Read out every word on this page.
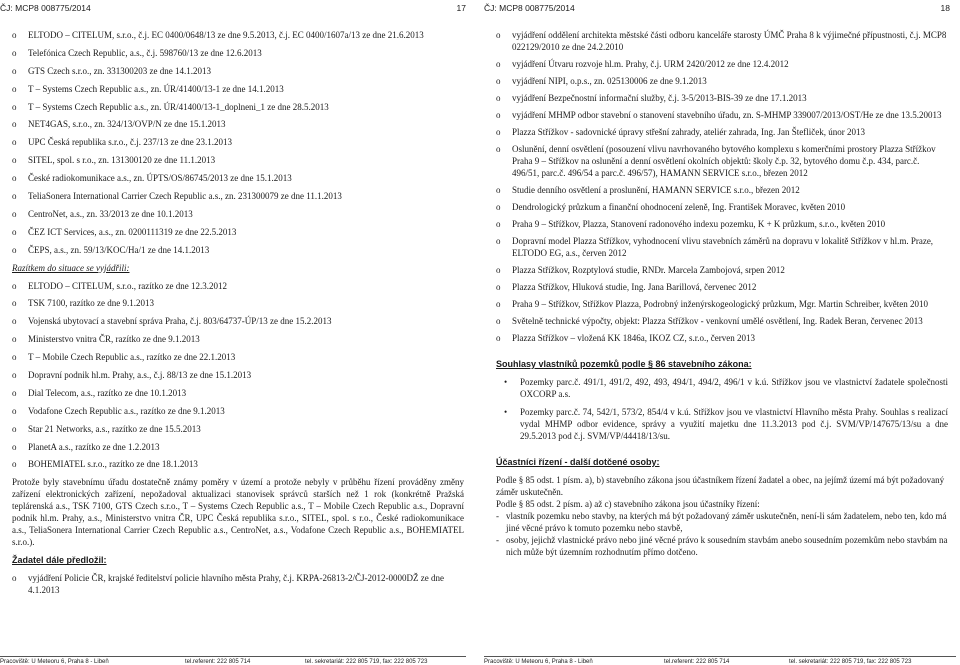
ČJ: MCP8 008775/2014	17
o ELTODO – CITELUM, s.r.o., č.j. EC 0400/0648/13 ze dne 9.5.2013, č.j. EC 0400/1607a/13 ze dne 21.6.2013
o Telefónica Czech Republic, a.s., č.j. 598760/13 ze dne 12.6.2013
o GTS Czech s.r.o., zn. 331300203 ze dne 14.1.2013
o T – Systems Czech Republic a.s., zn. ÚR/41400/13-1 ze dne 14.1.2013
o T – Systems Czech Republic a.s., zn. ÚR/41400/13-1_doplneni_1 ze dne 28.5.2013
o NET4GAS, s.r.o., zn. 324/13/OVP/N ze dne 15.1.2013
o UPC Česká republika s.r.o., č.j. 237/13 ze dne 23.1.2013
o SITEL, spol. s r.o., zn. 131300120 ze dne 11.1.2013
o České radiokomunikace a.s., zn. ÚPTS/OS/86745/2013 ze dne 15.1.2013
o TeliaSonera International Carrier Czech Republic a.s., zn. 231300079 ze dne 11.1.2013
o CentroNet, a.s., zn. 33/2013 ze dne 10.1.2013
o ČEZ ICT Services, a.s., zn. 0200111319 ze dne 22.5.2013
o ČEPS, a.s., zn. 59/13/KOC/Ha/1 ze dne 14.1.2013
Razítkem do situace se vyjádřili:
o ELTODO – CITELUM, s.r.o., razítko ze dne 12.3.2012
o TSK 7100, razítko ze dne 9.1.2013
o Vojenská ubytovací a stavební správa Praha, č.j. 803/64737-ÚP/13 ze dne 15.2.2013
o Ministerstvo vnitra ČR, razítko ze dne 9.1.2013
o T – Mobile Czech Republic a.s., razítko ze dne 22.1.2013
o Dopravní podnik hl.m. Prahy, a.s., č.j. 88/13 ze dne 15.1.2013
o Dial Telecom, a.s., razítko ze dne 10.1.2013
o Vodafone Czech Republic a.s., razítko ze dne 9.1.2013
o Star 21 Networks, a.s., razítko ze dne 15.5.2013
o PlanetA a.s., razítko ze dne 1.2.2013
o BOHEMIATEL s.r.o., razítko ze dne 18.1.2013

Protože byly stavebnímu úřadu dostatečně známy poměry v území a protože nebyly v průběhu řízení prováděny změny zařízení elektronických zařízení, nepožadoval aktualizaci stanovisek správců starších než 1 rok (konkrétně Pražská teplárenská a.s., TSK 7100, GTS Czech s.r.o., T – Systems Czech Republic a.s., T – Mobile Czech Republic a.s., Dopravní podnik hl.m. Prahy, a.s., Ministerstvo vnitra ČR, UPC Česká republika s.r.o., SITEL, spol. s r.o., České radiokomunikace a.s., TeliaSonera International Carrier Czech Republic a.s., CentroNet, a.s., Vodafone Czech Republic a.s., BOHEMIATEL s.r.o.).

Žadatel dále předložil:
o vyjádření Policie ČR, krajské ředitelství policie hlavního města Prahy, č.j. KRPA-26813-2/ČJ-2012-0000DŽ ze dne 4.1.2013
Pracoviště: U Meteoru 6, Praha 8 - Libeň	tel.referent: 222 805 714	tel. sekretariát: 222 805 719, fax: 222 805 723
ČJ: MCP8 008775/2014	18
o vyjádření oddělení architekta městské části odboru kanceláře starosty ÚMČ Praha 8 k výjimečné přípustnosti, č.j. MCP8 022129/2010 ze dne 24.2.2010
o vyjádření Útvaru rozvoje hl.m. Prahy, č.j. URM 2420/2012 ze dne 12.4.2012
o vyjádření NIPI, o.p.s., zn. 025130006 ze dne 9.1.2013
o vyjádření Bezpečnostní informační služby, č.j. 3-5/2013-BIS-39 ze dne 17.1.2013
o vyjádření MHMP odbor stavební o stanovení stavebního úřadu, zn. S-MHMP 339007/2013/OST/He ze dne 13.5.20013
o Plazza Střížkov - sadovnické úpravy střešní zahrady, ateliér zahrada, Ing. Jan Štefliček, únor 2013
o Oslunění, denní osvětlení (posouzení vlivu navrhovaného bytového komplexu s komerčními prostory Plazza Střížkov Praha 9 – Střížkov na oslunění a denní osvětlení okolních objektů: školy č.p. 32, bytového domu č.p. 434, parc.č. 496/51, parc.č. 496/54 a parc.č. 496/57), HAMANN SERVICE s.r.o., březen 2012
o Studie denního osvětlení a proslunění, HAMANN SERVICE s.r.o., březen 2012
o Dendrologický průzkum a finanční ohodnocení zeleně, Ing. František Moravec, květen 2010
o Praha 9 – Střížkov, Plazza, Stanovení radonového indexu pozemku, K + K průzkum, s.r.o., květen 2010
o Dopravní model Plazza Střížkov, vyhodnocení vlivu stavebních záměrů na dopravu v lokalitě Střížkov v hl.m. Praze, ELTODO EG, a.s., červen 2012
o Plazza Střížkov, Rozptylová studie, RNDr. Marcela Zambojová, srpen 2012
o Plazza Střížkov, Hluková studie, Ing. Jana Barillová, červenec 2012
o Praha 9 – Střížkov, Střížkov Plazza, Podrobný inženýrskogeologický průzkum, Mgr. Martin Schreiber, květen 2010
o Světelně technické výpočty, objekt: Plazza Střížkov - venkovní umělé osvětlení, Ing. Radek Beran, červenec 2013
o Plazza Střížkov – vložená KK 1846a, IKOZ CZ, s.r.o., červen 2013
Souhlasy vlastníků pozemků podle § 86 stavebního zákona:
• Pozemky parc.č. 491/1, 491/2, 492, 493, 494/1, 494/2, 496/1 v k.ú. Střížkov jsou ve vlastnictví žadatele společnosti OXCORP a.s.
• Pozemky parc.č. 74, 542/1, 573/2, 854/4 v k.ú. Střížkov jsou ve vlastnictví Hlavního města Prahy. Souhlas s realizací vydal MHMP odbor evidence, správy a využití majetku dne 11.3.2013 pod č.j. SVM/VP/147675/13/su a dne 29.5.2013 pod č.j. SVM/VP/44418/13/su.
Účastníci řízení - další dotčené osoby:

Podle § 85 odst. 1 písm. a), b) stavebního zákona jsou účastníkem řízení žadatel a obec, na jejímž území má být požadovaný záměr uskutečněn.

Podle § 85 odst. 2 písm. a) až c) stavebního zákona jsou účastníky řízení:

- vlastník pozemku nebo stavby, na kterých má být požadovaný záměr uskutečněn, není-li sám žadatelem, nebo ten, kdo má jiné věcné právo k tomuto pozemku nebo stavbě,
- osoby, jejichž vlastnické právo nebo jiné věcné právo k sousedním stavbám anebo sousedním pozemkům nebo stavbám na nich může být územním rozhodnutím přímo dotčeno.
Pracoviště: U Meteoru 6, Praha 8 - Libeň	tel.referent: 222 805 714	tel. sekretariát: 222 805 719, fax: 222 805 723
